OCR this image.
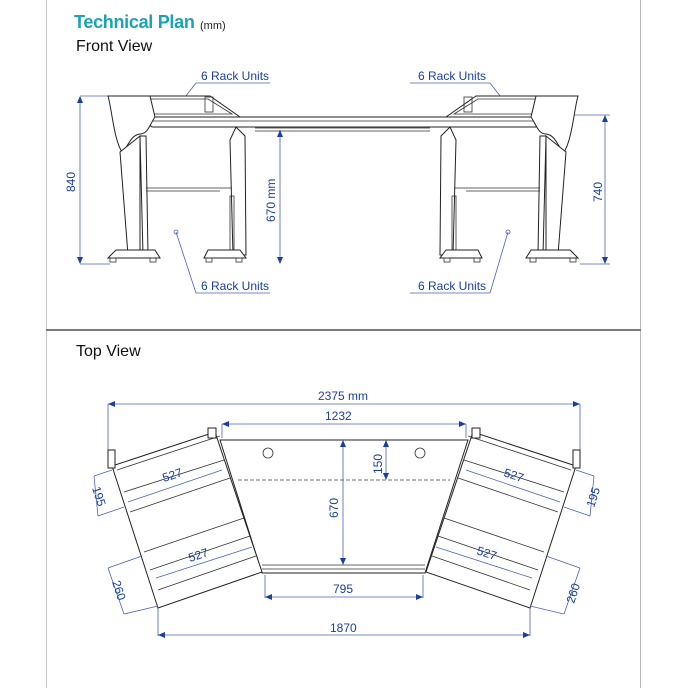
Technical Plan (mm)
Front View
Top View
6 Rack Units	6 Rack Units
6 Rack Units	6 Rack Units
840	670 mm	740
2375 mm
1232
150
670
795
1870
527
527
527
527
195
260
195
260
